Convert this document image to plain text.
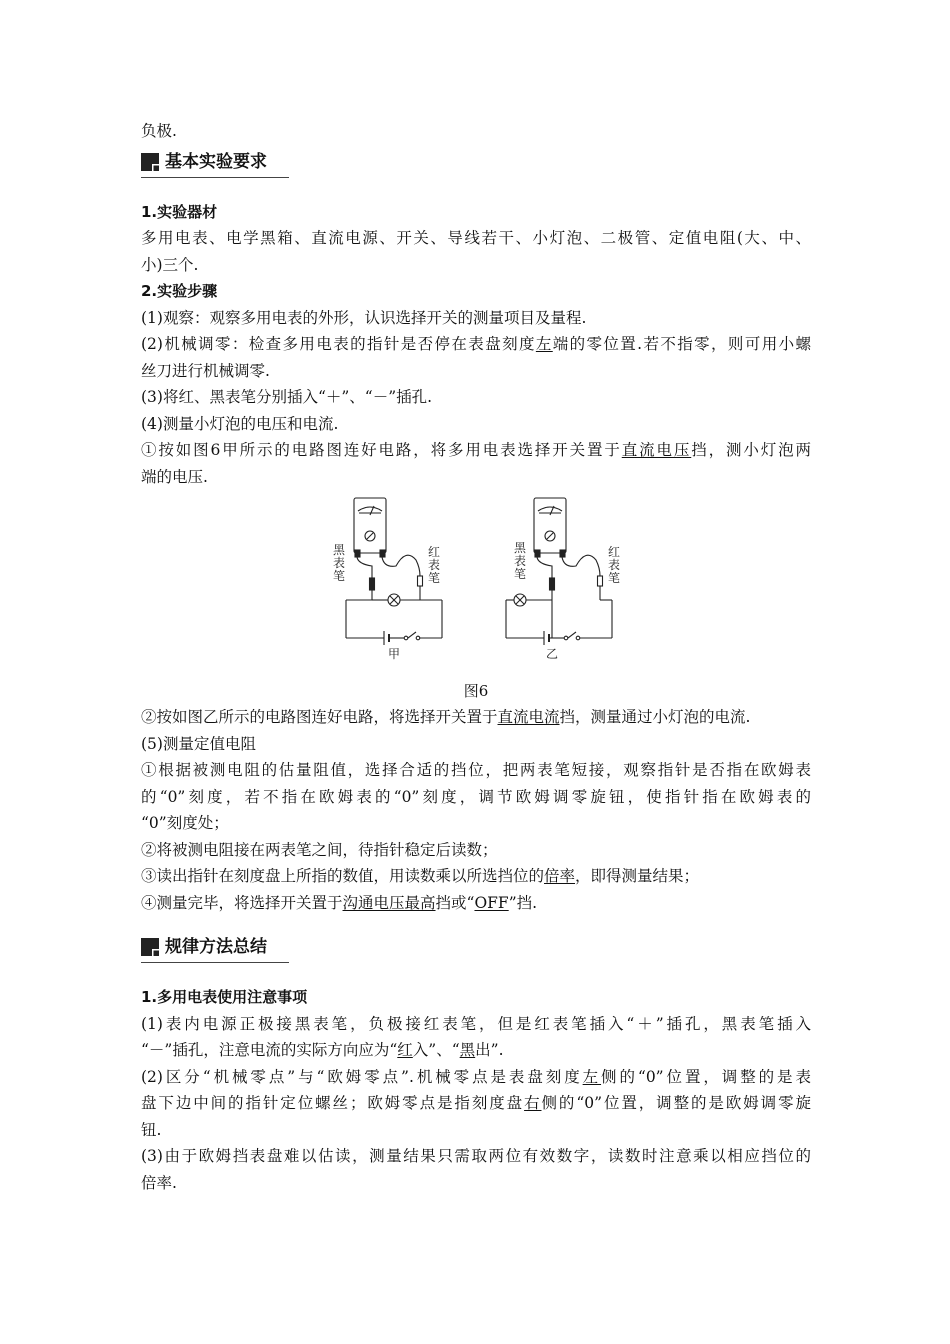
负极.
基本实验要求
1.实验器材
多用电表、电学黑箱、直流电源、开关、导线若干、小灯泡、二极管、定值电阻(大、中、
小)三个.
2.实验步骤
(1)观察：观察多用电表的外形，认识选择开关的测量项目及量程.
(2)机械调零：检查多用电表的指针是否停在表盘刻度左端的零位置.若不指零，则可用小螺
丝刀进行机械调零.
(3)将红、黑表笔分别插入“＋”、“－”插孔.
(4)测量小灯泡的电压和电流.
①按如图6甲所示的电路图连好电路，将多用电表选择开关置于直流电压挡，测小灯泡两
端的电压.
黑表笔
红表笔
黑表笔
红表笔
甲	乙
图6
②按如图乙所示的电路图连好电路，将选择开关置于直流电流挡，测量通过小灯泡的电流.
(5)测量定值电阻
①根据被测电阻的估量阻值，选择合适的挡位，把两表笔短接，观察指针是否指在欧姆表
的“0”刻度，若不指在欧姆表的“0”刻度，调节欧姆调零旋钮，使指针指在欧姆表的
“0”刻度处；
②将被测电阻接在两表笔之间，待指针稳定后读数；
③读出指针在刻度盘上所指的数值，用读数乘以所选挡位的倍率，即得测量结果；
④测量完毕，将选择开关置于沟通电压最高挡或“OFF”挡.
规律方法总结
1.多用电表使用注意事项
(1)表内电源正极接黑表笔，负极接红表笔，但是红表笔插入“＋”插孔，黑表笔插入
“－”插孔，注意电流的实际方向应为“红入”、“黑出”.
(2)区分“机械零点”与“欧姆零点”.机械零点是表盘刻度左侧的“0”位置，调整的是表
盘下边中间的指针定位螺丝；欧姆零点是指刻度盘右侧的“0”位置，调整的是欧姆调零旋
钮.
(3)由于欧姆挡表盘难以估读，测量结果只需取两位有效数字，读数时注意乘以相应挡位的
倍率.
